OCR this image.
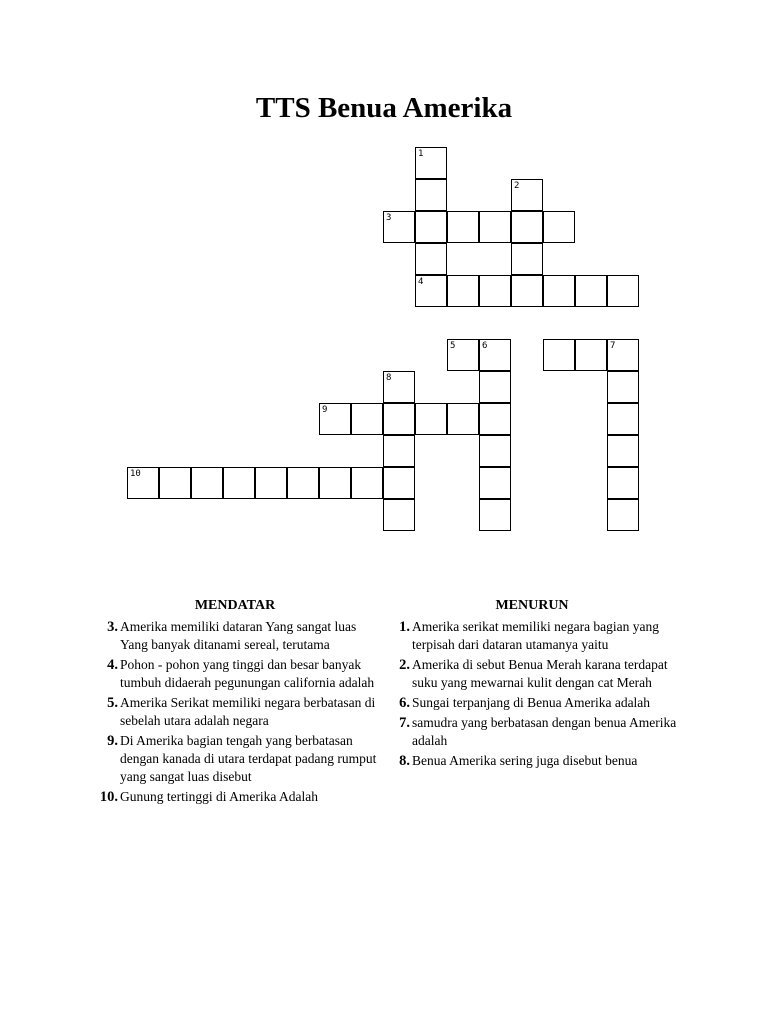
TTS Benua Amerika
1
4
2
3
5	6	7
8
9
10
MENDATAR
3. Amerika memiliki dataran Yang sangat luas Yang banyak ditanami sereal, terutama
4. Pohon - pohon yang tinggi dan besar banyak tumbuh didaerah pegunungan california adalah
5. Amerika Serikat memiliki negara berbatasan di sebelah utara adalah negara
9. Di Amerika bagian tengah yang berbatasan dengan kanada di utara terdapat padang rumput yang sangat luas disebut
10. Gunung tertinggi di Amerika Adalah
MENURUN
1. Amerika serikat memiliki negara bagian yang terpisah dari dataran utamanya yaitu
2. Amerika di sebut Benua Merah karana terdapat suku yang mewarnai kulit dengan cat Merah
6. Sungai terpanjang di Benua Amerika adalah
7. samudra yang berbatasan dengan benua Amerika adalah
8. Benua Amerika sering juga disebut benua
